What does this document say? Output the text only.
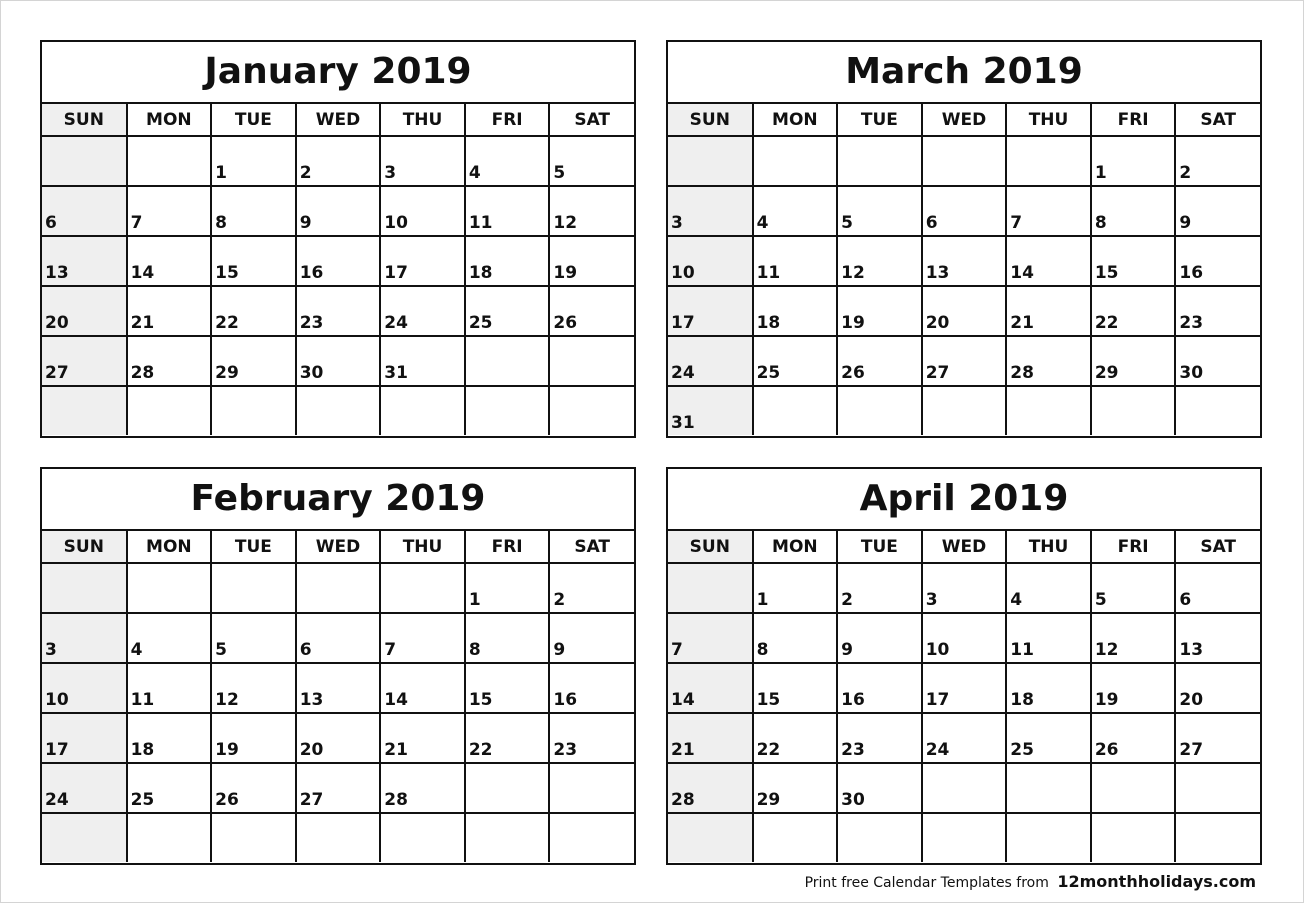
January 2019
SUN	MON	TUE	WED	THU	FRI	SAT

		1	2	3	4	5

6	7	8	9	10	11	12

13	14	15	16	17	18	19

20	21	22	23	24	25	26

27	28	29	30	31		

March 2019
SUN	MON	TUE	WED	THU	FRI	SAT

					1	2

3	4	5	6	7	8	9

10	11	12	13	14	15	16

17	18	19	20	21	22	23

24	25	26	27	28	29	30

31						

February 2019
SUN	MON	TUE	WED	THU	FRI	SAT

					1	2

3	4	5	6	7	8	9

10	11	12	13	14	15	16

17	18	19	20	21	22	23

24	25	26	27	28		

April 2019
SUN	MON	TUE	WED	THU	FRI	SAT

	1	2	3	4	5	6

7	8	9	10	11	12	13

14	15	16	17	18	19	20

21	22	23	24	25	26	27

28	29	30				

Print free Calendar Templates from 12monthholidays.com
